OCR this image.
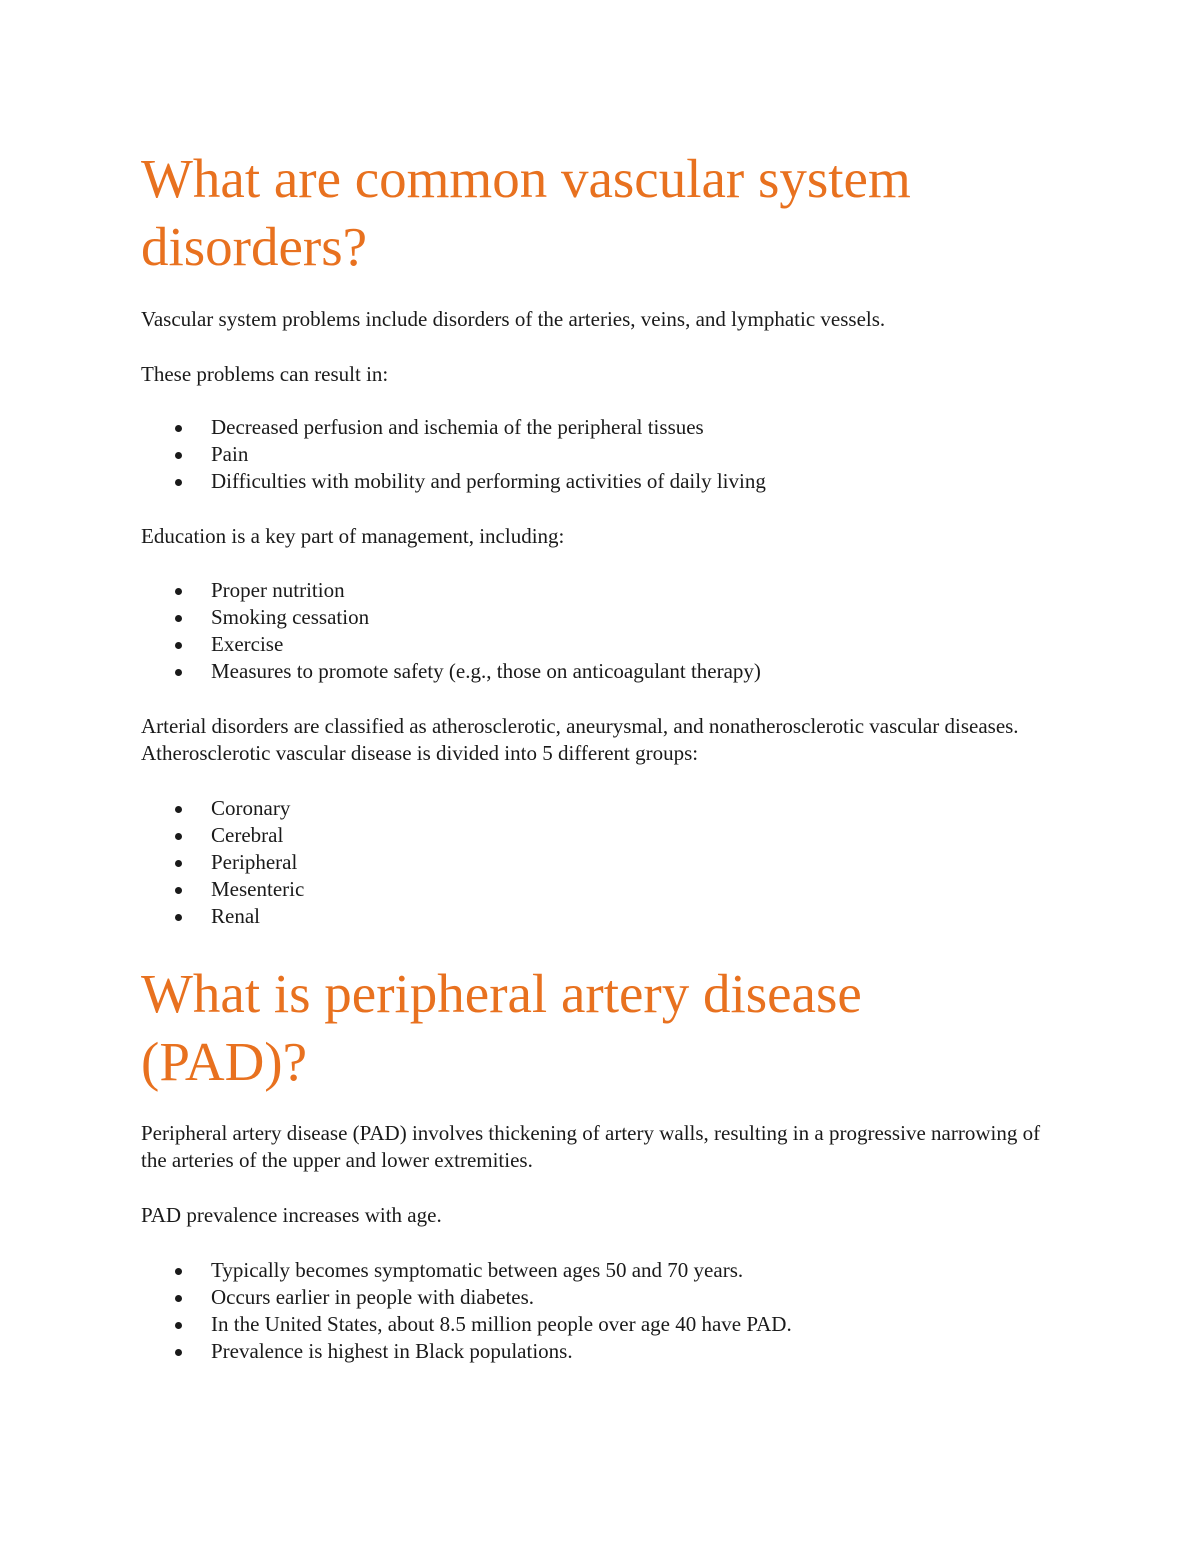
What are common vascular system disorders?

Vascular system problems include disorders of the arteries, veins, and lymphatic vessels.

These problems can result in:

Decreased perfusion and ischemia of the peripheral tissues
Pain
Difficulties with mobility and performing activities of daily living

Education is a key part of management, including:

Proper nutrition
Smoking cessation
Exercise
Measures to promote safety (e.g., those on anticoagulant therapy)

Arterial disorders are classified as atherosclerotic, aneurysmal, and nonatherosclerotic vascular diseases. Atherosclerotic vascular disease is divided into 5 different groups:

Coronary
Cerebral
Peripheral
Mesenteric
Renal
What is peripheral artery disease (PAD)?

Peripheral artery disease (PAD) involves thickening of artery walls, resulting in a progressive narrowing of the arteries of the upper and lower extremities.

PAD prevalence increases with age.

Typically becomes symptomatic between ages 50 and 70 years.
Occurs earlier in people with diabetes.
In the United States, about 8.5 million people over age 40 have PAD.
Prevalence is highest in Black populations.
